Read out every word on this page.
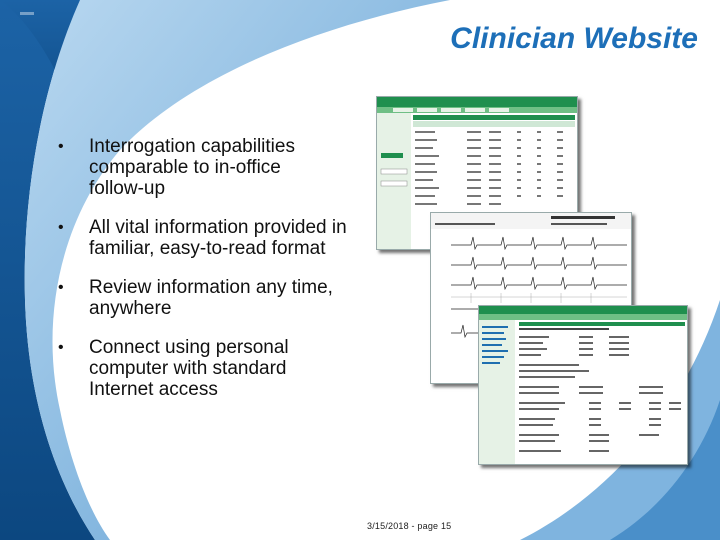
Clinician Website
• Interrogation capabilities comparable to in-office follow-up
• All vital information provided in familiar, easy-to-read format
• Review information any time, anywhere
• Connect using personal computer with standard Internet access
3/15/2018 - page 15
